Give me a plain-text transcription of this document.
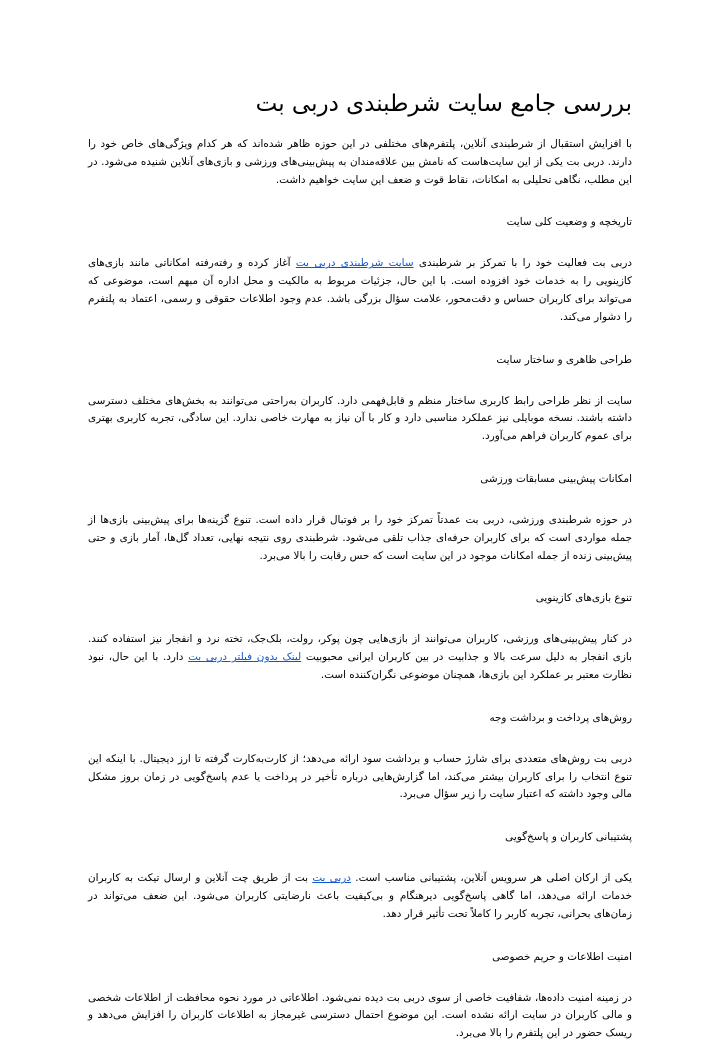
بررسی جامع سایت شرطبندی دربی بت

با افزایش استقبال از شرطبندی آنلاین، پلتفرم‌های مختلفی در این حوزه ظاهر شده‌اند که هر کدام ویژگی‌های خاص خود را دارند. دربی بت یکی از این سایت‌هاست که نامش بین علاقه‌مندان به پیش‌بینی‌های ورزشی و بازی‌های آنلاین شنیده می‌شود. در این مطلب، نگاهی تحلیلی به امکانات، نقاط قوت و ضعف این سایت خواهیم داشت.

تاریخچه و وضعیت کلی سایت

دربی بت فعالیت خود را با تمرکز بر شرطبندی سایت شرطبندی دربی بت آغاز کرده و رفته‌رفته امکاناتی مانند بازی‌های کازینویی را به خدمات خود افزوده است. با این حال، جزئیات مربوط به مالکیت و محل اداره آن مبهم است، موضوعی که می‌تواند برای کاربران حساس و دقت‌محور، علامت سؤال بزرگی باشد. عدم وجود اطلاعات حقوقی و رسمی، اعتماد به پلتفرم را دشوار می‌کند.

طراحی ظاهری و ساختار سایت

سایت از نظر طراحی رابط کاربری ساختار منظم و قابل‌فهمی دارد. کاربران به‌راحتی می‌توانند به بخش‌های مختلف دسترسی داشته باشند. نسخه موبایلی نیز عملکرد مناسبی دارد و کار با آن نیاز به مهارت خاصی ندارد. این سادگی، تجربه کاربری بهتری برای عموم کاربران فراهم می‌آورد.

امکانات پیش‌بینی مسابقات ورزشی

در حوزه شرطبندی ورزشی، دربی بت عمدتاً تمرکز خود را بر فوتبال قرار داده است. تنوع گزینه‌ها برای پیش‌بینی بازی‌ها از جمله مواردی است که برای کاربران حرفه‌ای جذاب تلقی می‌شود. شرطبندی روی نتیجه نهایی، تعداد گل‌ها، آمار بازی و حتی پیش‌بینی زنده از جمله امکانات موجود در این سایت است که حس رقابت را بالا می‌برد.

تنوع بازی‌های کازینویی

در کنار پیش‌بینی‌های ورزشی، کاربران می‌توانند از بازی‌هایی چون پوکر، رولت، بلک‌جک، تخته نرد و انفجار نیز استفاده کنند. بازی انفجار به دلیل سرعت بالا و جذابیت در بین کاربران ایرانی محبوبیت لینک بدون فیلتر دربی بت دارد. با این حال، نبود نظارت معتبر بر عملکرد این بازی‌ها، همچنان موضوعی نگران‌کننده است.

روش‌های پرداخت و برداشت وجه

دربی بت روش‌های متعددی برای شارژ حساب و برداشت سود ارائه می‌دهد؛ از کارت‌به‌کارت گرفته تا ارز دیجیتال. با اینکه این تنوع انتخاب را برای کاربران بیشتر می‌کند، اما گزارش‌هایی درباره تأخیر در پرداخت یا عدم پاسخ‌گویی در زمان بروز مشکل مالی وجود داشته که اعتبار سایت را زیر سؤال می‌برد.

پشتیبانی کاربران و پاسخ‌گویی

یکی از ارکان اصلی هر سرویس آنلاین، پشتیبانی مناسب است. دربی بت بت از طریق چت آنلاین و ارسال تیکت به کاربران خدمات ارائه می‌دهد، اما گاهی پاسخ‌گویی دیرهنگام و بی‌کیفیت باعث نارضایتی کاربران می‌شود. این ضعف می‌تواند در زمان‌های بحرانی، تجربه کاربر را کاملاً تحت تأثیر قرار دهد.

امنیت اطلاعات و حریم خصوصی

در زمینه امنیت داده‌ها، شفافیت خاصی از سوی دربی بت دیده نمی‌شود. اطلاعاتی در مورد نحوه محافظت از اطلاعات شخصی و مالی کاربران در سایت ارائه نشده است. این موضوع احتمال دسترسی غیرمجاز به اطلاعات کاربران را افزایش می‌دهد و ریسک حضور در این پلتفرم را بالا می‌برد.
